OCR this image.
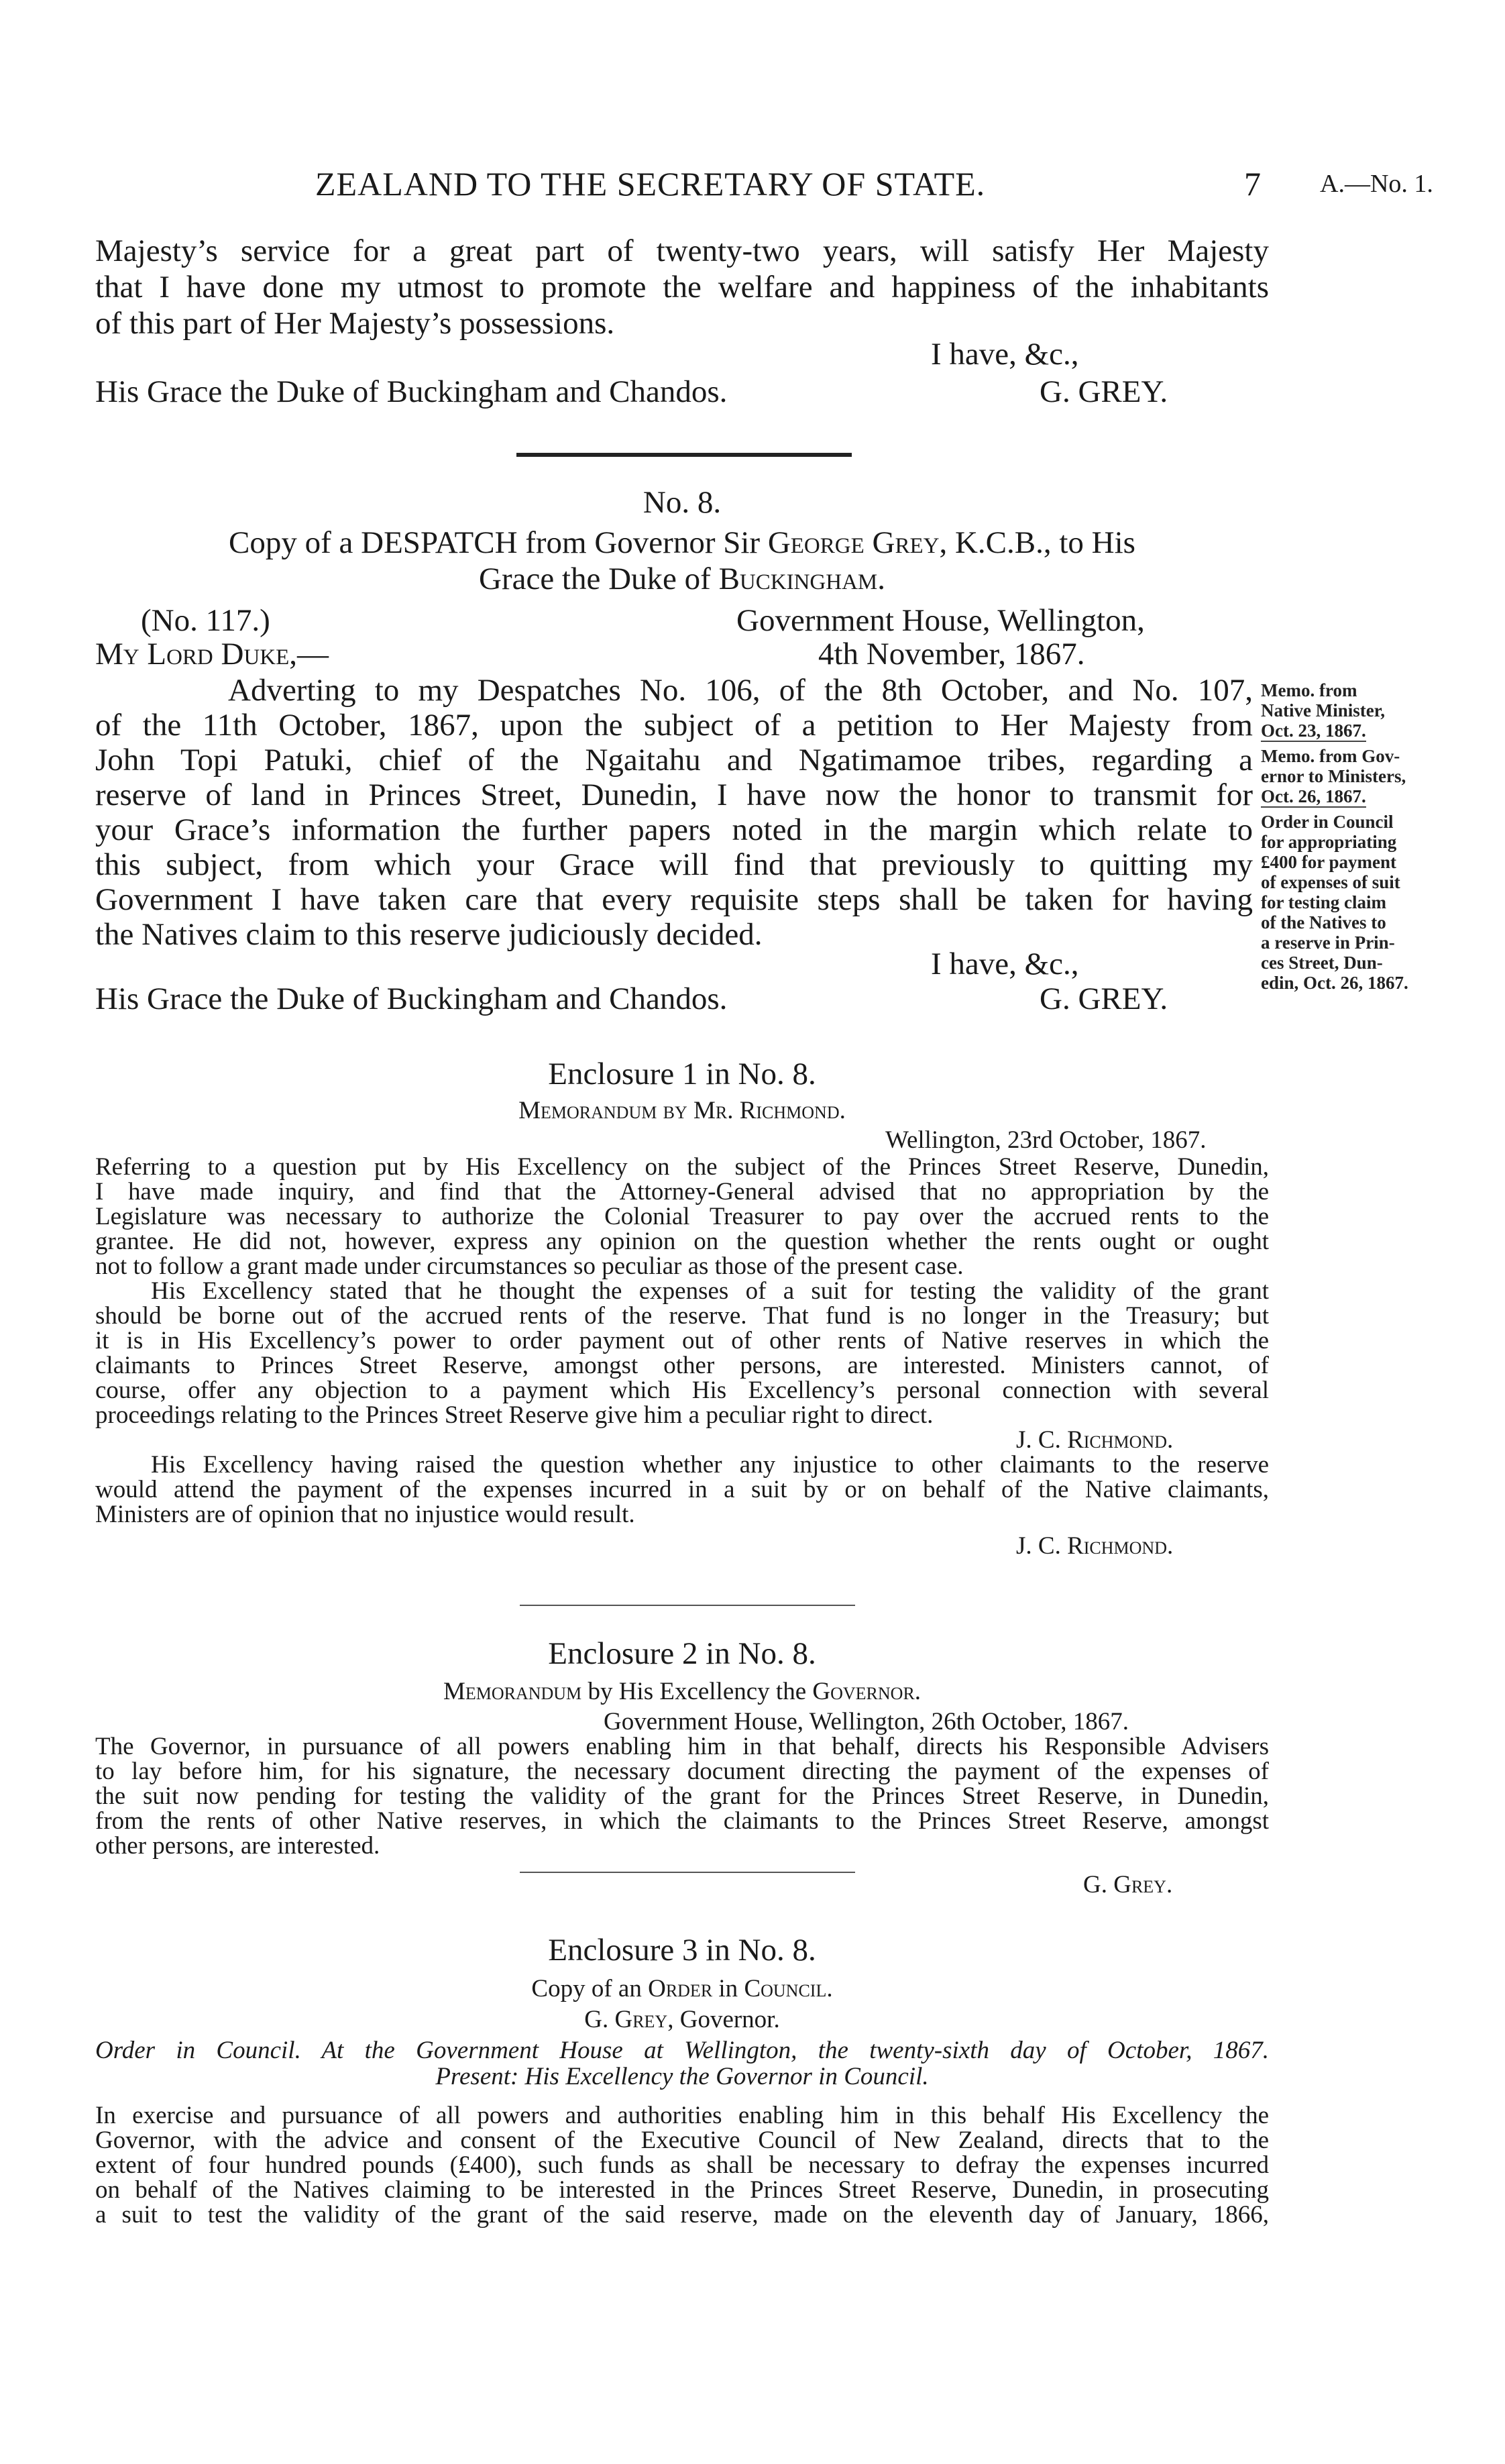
ZEALAND TO THE SECRETARY OF STATE.	7 A.—No. 1.
Majesty’s service for a great part of twenty-two years, will satisfy Her Majesty
that I have done my utmost to promote the welfare and happiness of the inhabitants
of this part of Her Majesty’s possessions.
I have, &c.,
His Grace the Duke of Buckingham and Chandos.	G. GREY.
No. 8.
Copy of a DESPATCH from Governor Sir George Grey, K.C.B., to His
Grace the Duke of Buckingham.
(No. 117.)	Government House, Wellington,
My Lord Duke,—	4th November, 1867.
Adverting to my Despatches No. 106, of the 8th October, and No. 107,
of the 11th October, 1867, upon the subject of a petition to Her Majesty from
John Topi Patuki, chief of the Ngaitahu and Ngatimamoe tribes, regarding a
reserve of land in Princes Street, Dunedin, I have now the honor to transmit for
your Grace’s information the further papers noted in the margin which relate to
this subject, from which your Grace will find that previously to quitting my
Government I have taken care that every requisite steps shall be taken for having
the Natives claim to this reserve judiciously decided.
I have, &c.,
His Grace the Duke of Buckingham and Chandos.	G. GREY.
Memo. from
Native Minister,
Oct. 23, 1867.
Memo. from Gov-
ernor to Ministers,
Oct. 26, 1867.
Order in Council
for appropriating
£400 for payment
of expenses of suit
for testing claim
of the Natives to
a reserve in Prin-
ces Street, Dun-
edin, Oct. 26, 1867.
Enclosure 1 in No. 8.
Memorandum by Mr. Richmond.
Wellington, 23rd October, 1867.
Referring to a question put by His Excellency on the subject of the Princes Street Reserve, Dunedin,
I have made inquiry, and find that the Attorney-General advised that no appropriation by the
Legislature was necessary to authorize the Colonial Treasurer to pay over the accrued rents to the
grantee. He did not, however, express any opinion on the question whether the rents ought or ought
not to follow a grant made under circumstances so peculiar as those of the present case.
His Excellency stated that he thought the expenses of a suit for testing the validity of the grant
should be borne out of the accrued rents of the reserve. That fund is no longer in the Treasury; but
it is in His Excellency’s power to order payment out of other rents of Native reserves in which the
claimants to Princes Street Reserve, amongst other persons, are interested. Ministers cannot, of
course, offer any objection to a payment which His Excellency’s personal connection with several
proceedings relating to the Princes Street Reserve give him a peculiar right to direct.
J. C. Richmond.
His Excellency having raised the question whether any injustice to other claimants to the reserve
would attend the payment of the expenses incurred in a suit by or on behalf of the Native claimants,
Ministers are of opinion that no injustice would result.
J. C. Richmond.
Enclosure 2 in No. 8.
Memorandum by His Excellency the Governor.
Government House, Wellington, 26th October, 1867.
The Governor, in pursuance of all powers enabling him in that behalf, directs his Responsible Advisers
to lay before him, for his signature, the necessary document directing the payment of the expenses of
the suit now pending for testing the validity of the grant for the Princes Street Reserve, in Dunedin,
from the rents of other Native reserves, in which the claimants to the Princes Street Reserve, amongst
other persons, are interested.
G. Grey.
Enclosure 3 in No. 8.
Copy of an Order in Council.
G. Grey, Governor.
Order in Council. At the Government House at Wellington, the twenty-sixth day of October, 1867.
Present: His Excellency the Governor in Council.
In exercise and pursuance of all powers and authorities enabling him in this behalf His Excellency the
Governor, with the advice and consent of the Executive Council of New Zealand, directs that to the
extent of four hundred pounds (£400), such funds as shall be necessary to defray the expenses incurred
on behalf of the Natives claiming to be interested in the Princes Street Reserve, Dunedin, in prosecuting
a suit to test the validity of the grant of the said reserve, made on the eleventh day of January, 1866,
